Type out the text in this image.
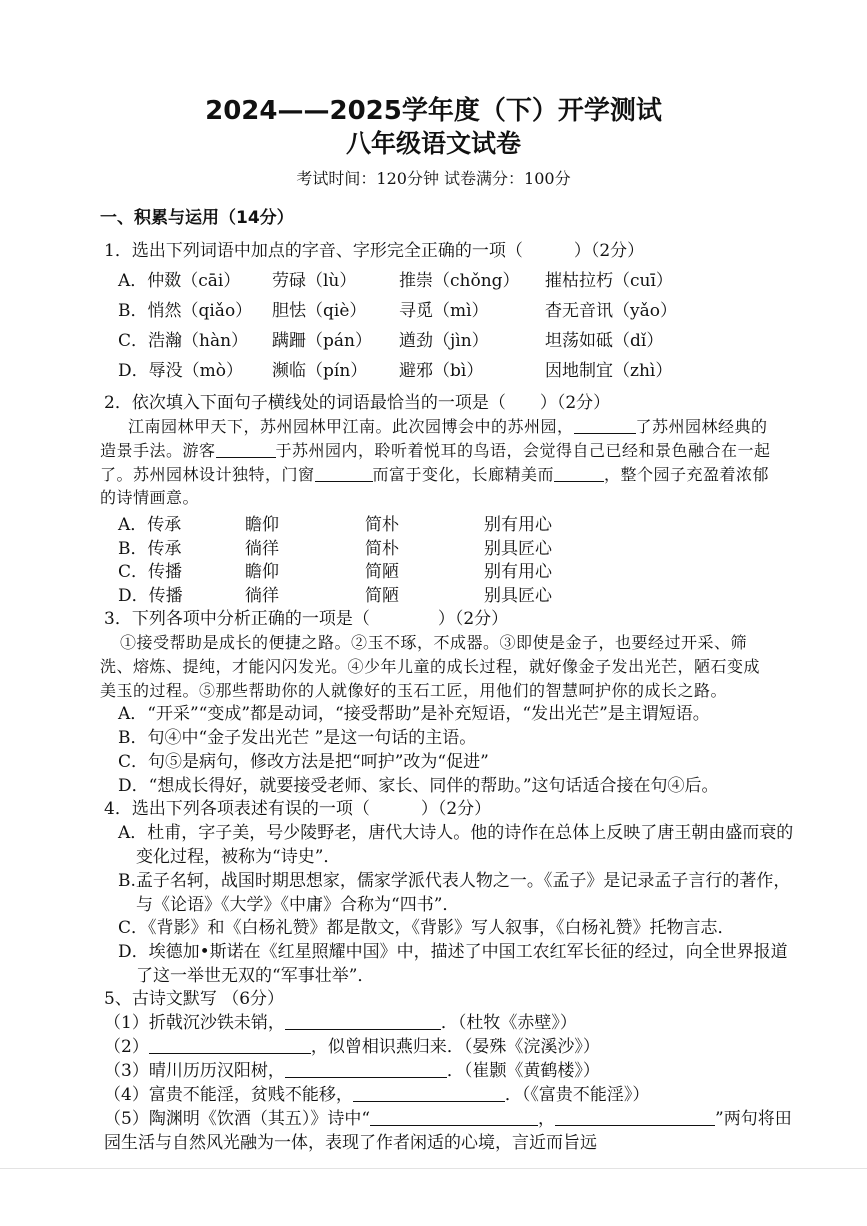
2024——2025学年度（下）开学测试
八年级语文试卷
考试时间：120分钟 试卷满分：100分
一、积累与运用（14分）
1．选出下列词语中加点的字音、字形完全正确的一项（　　　）（2分）
A．仲敪（cāi） 劳碌（lù）	推崇（chǒng） 摧枯拉朽（cuī）
B．悄然（qiǎo） 胆怯（qiè） 寻觅（mì）	杳无音讯（yǎo）
C．浩瀚（hàn） 蹒跚（pán） 遒劲（jìn）	坦荡如砥（dǐ）
D．辱没（mò） 濒临（pín） 避邪（bì）	因地制宜（zhì）
2．依次填入下面句子横线处的词语最恰当的一项是（　　）（2分）
江南园林甲天下，苏州园林甲江南。此次园博会中的苏州园，	了苏州园林经典的
造景手法。游客	于苏州园内，聆听着悦耳的鸟语，会觉得自己已经和景色融合在一起
了。苏州园林设计独特，门窗	而富于变化，长廊精美而	，整个园子充盈着浓郁
的诗情画意。
A．传承	瞻仰	简朴	别有用心
B．传承	徜徉	简朴	别具匠心
C．传播	瞻仰	简陋	别有用心
D．传播	徜徉	简陋	别具匠心
3．下列各项中分析正确的一项是（　　　　）（2分）
①接受帮助是成长的便捷之路。②玉不琢，不成器。③即使是金子，也要经过开采、筛
洗、熔炼、提纯，才能闪闪发光。④少年儿童的成长过程，就好像金子发出光芒，陋石变成
美玉的过程。⑤那些帮助你的人就像好的玉石工匠，用他们的智慧呵护你的成长之路。
A．“开采”“变成”都是动词，“接受帮助”是补充短语，“发出光芒”是主谓短语。
B．句④中“金子发出光芒 ”是这一句话的主语。
C．句⑤是病句，修改方法是把“呵护”改为“促进”
D．“想成长得好，就要接受老师、家长、同伴的帮助。”这句话适合接在句④后。
4．选出下列各项表述有误的一项（　　　）（2分）
A．杜甫，字子美，号少陵野老，唐代大诗人。他的诗作在总体上反映了唐王朝由盛而衰的
变化过程，被称为“诗史”．
B.孟子名轲，战国时期思想家，儒家学派代表人物之一。《孟子》是记录孟子言行的著作，
与《论语》《大学》《中庸》合称为“四书”．
C．《背影》和《白杨礼赞》都是散文，《背影》写人叙事，《白杨礼赞》托物言志．
D．埃德加•斯诺在《红星照耀中国》中，描述了中国工农红军长征的经过，向全世界报道
了这一举世无双的“军事壮举”．
5、古诗文默写 （6分）
（1）折戟沉沙铁未销，	．（杜牧《赤壁》）
（2）	，似曾相识燕归来．（晏殊《浣溪沙》）
（3）晴川历历汉阳树，	．（崔颢《黄鹤楼》）
（4）富贵不能淫，贫贱不能移，	．（《富贵不能淫》）
（5）陶渊明《饮酒（其五）》诗中“	，	”两句将田
园生活与自然风光融为一体，表现了作者闲适的心境，言近而旨远
